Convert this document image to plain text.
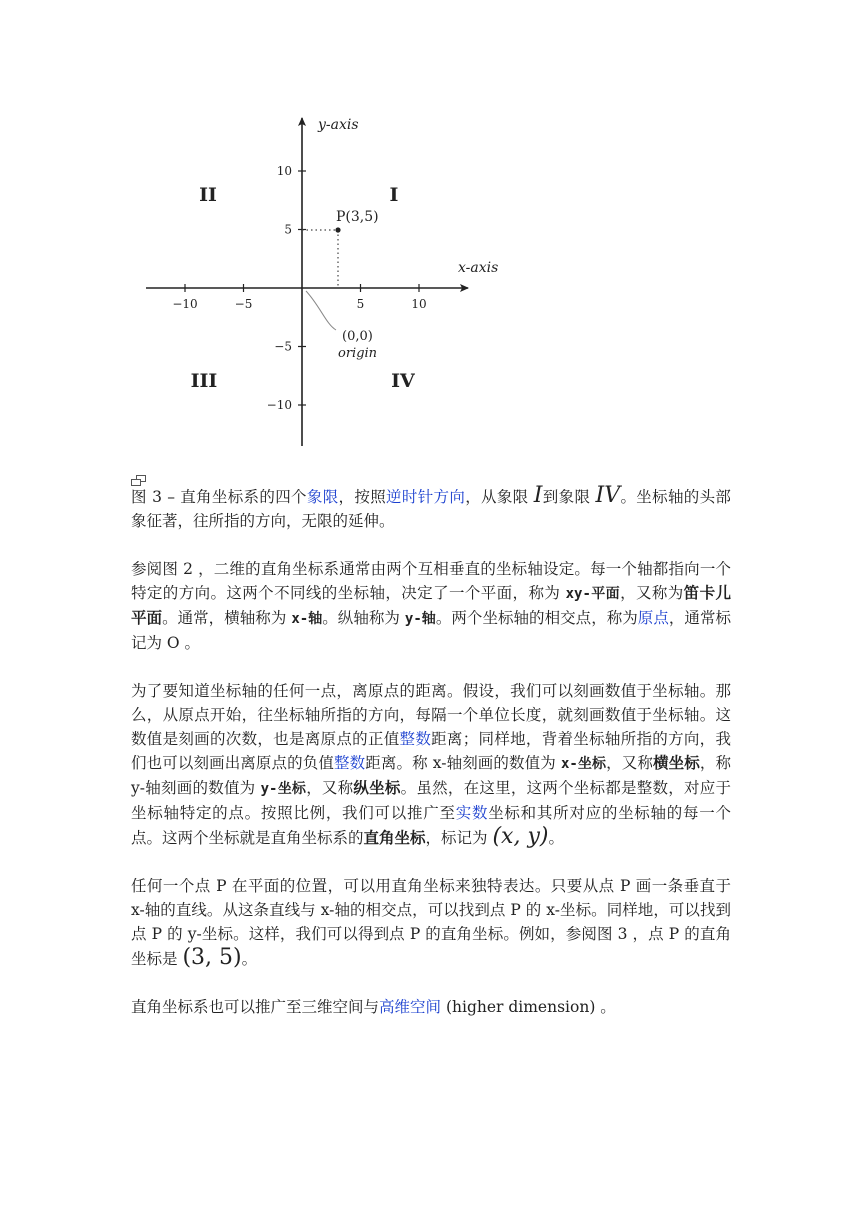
−10	−5	5	10
10
5
−5
−10
y-axis
x-axis
II	I
III	IV
P(3,5)
(0,0)
origin

图 3 – 直角坐标系的四个象限，按照逆时针方向，从象限 I到象限 IV。坐标轴的头部象征著，往所指的方向，无限的延伸。

参阅图 2 ，二维的直角坐标系通常由两个互相垂直的坐标轴设定。每一个轴都指向一个特定的方向。这两个不同线的坐标轴，决定了一个平面，称为 xy-平面，又称为笛卡儿平面。通常，横轴称为 x-轴。纵轴称为 y-轴。两个坐标轴的相交点，称为原点，通常标记为 O 。

为了要知道坐标轴的任何一点，离原点的距离。假设，我们可以刻画数值于坐标轴。那么，从原点开始，往坐标轴所指的方向，每隔一个单位长度，就刻画数值于坐标轴。这数值是刻画的次数，也是离原点的正值整数距离；同样地，背着坐标轴所指的方向，我们也可以刻画出离原点的负值整数距离。称 x-轴刻画的数值为 x-坐标，又称横坐标，称 y-轴刻画的数值为 y-坐标，又称纵坐标。虽然，在这里，这两个坐标都是整数，对应于坐标轴特定的点。按照比例，我们可以推广至实数坐标和其所对应的坐标轴的每一个点。这两个坐标就是直角坐标系的直角坐标，标记为 (x, y)。

任何一个点 P 在平面的位置，可以用直角坐标来独特表达。只要从点 P 画一条垂直于 x-轴的直线。从这条直线与 x-轴的相交点，可以找到点 P 的 x-坐标。同样地，可以找到点 P 的 y-坐标。这样，我们可以得到点 P 的直角坐标。例如，参阅图 3 ，点 P 的直角坐标是 (3, 5)。

直角坐标系也可以推广至三维空间与高维空间 (higher dimension) 。
